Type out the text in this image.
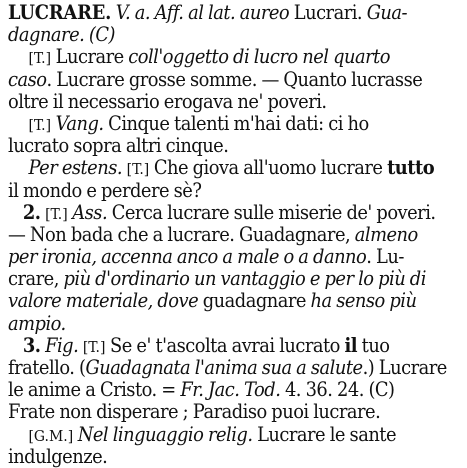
LUCRARE. V. a. Aff. al lat. aureo Lucrari. Gua-
dagnare. (C)
[T.] Lucrare coll'oggetto di lucro nel quarto
caso. Lucrare grosse somme. — Quanto lucrasse
oltre il necessario erogava ne' poveri.
[T.] Vang. Cinque talenti m'hai dati: ci ho
lucrato sopra altri cinque.
Per estens. [T.] Che giova all'uomo lucrare tutto
il mondo e perdere sè?
2. [T.] Ass. Cerca lucrare sulle miserie de' poveri.
— Non bada che a lucrare. Guadagnare, almeno
per ironia, accenna anco a male o a danno. Lu-
crare, più d'ordinario un vantaggio e per lo più di
valore materiale, dove guadagnare ha senso più
ampio.
3. Fig. [T.] Se e' t'ascolta avrai lucrato il tuo
fratello. (Guadagnata l'anima sua a salute.) Lucrare
le anime a Cristo. = Fr. Jac. Tod. 4. 36. 24. (C)
Frate non disperare ; Paradiso puoi lucrare.
[G.M.] Nel linguaggio relig. Lucrare le sante
indulgenze.
